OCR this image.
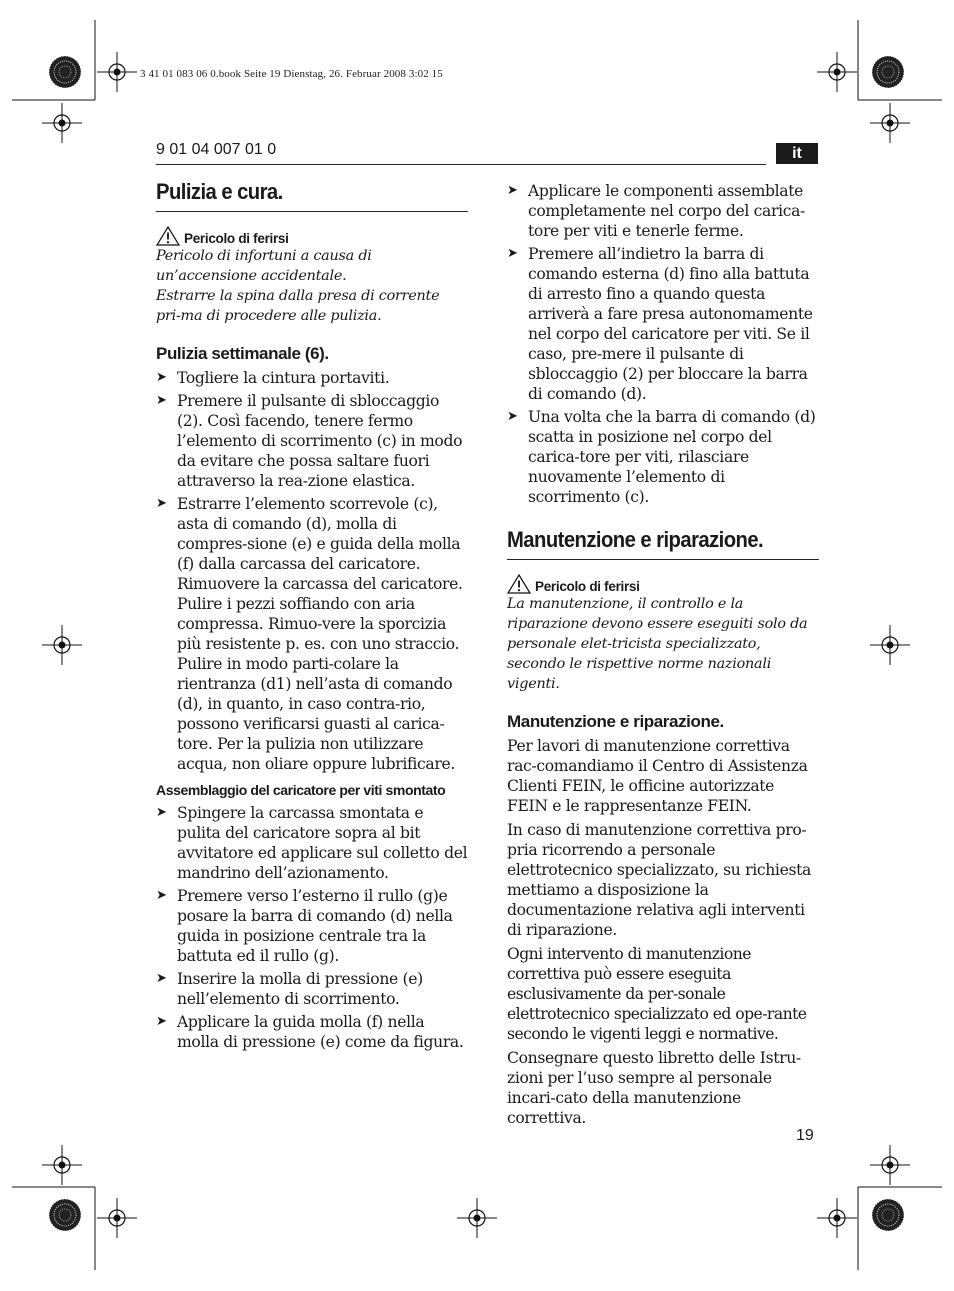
3 41 01 083 06 0.book Seite 19 Dienstag, 26. Februar 2008 3:02 15
9 01 04 007 01 0	it
Pulizia e cura.
Pericolo di ferirsi

Pericolo di infortuni a causa di un’accensione accidentale.

Estrarre la spina dalla presa di corrente pri-ma di procedere alle pulizia.

Pulizia settimanale (6).
➤ Togliere la cintura portaviti.
➤ Premere il pulsante di sbloccaggio (2). Così facendo, tenere fermo l’elemento di scorrimento (c) in modo da evitare che possa saltare fuori attraverso la rea-zione elastica.
➤ Estrarre l’elemento scorrevole (c), asta di comando (d), molla di compres-sione (e) e guida della molla (f) dalla carcassa del caricatore. Rimuovere la carcassa del caricatore. Pulire i pezzi soffiando con aria compressa. Rimuo-vere la sporcizia più resistente p. es. con uno straccio. Pulire in modo parti-colare la rientranza (d1) nell’asta di comando (d), in quanto, in caso contra-rio, possono verificarsi guasti al carica-tore. Per la pulizia non utilizzare acqua, non oliare oppure lubrificare.
Assemblaggio del caricatore per viti smontato
➤ Spingere la carcassa smontata e pulita del caricatore sopra al bit avvitatore ed applicare sul colletto del mandrino dell’azionamento.
➤ Premere verso l’esterno il rullo (g)e posare la barra di comando (d) nella guida in posizione centrale tra la battuta ed il rullo (g).
➤ Inserire la molla di pressione (e) nell’elemento di scorrimento.
➤ Applicare la guida molla (f) nella molla di pressione (e) come da figura.
➤ Applicare le componenti assemblate completamente nel corpo del carica-tore per viti e tenerle ferme.
➤ Premere all’indietro la barra di comando esterna (d) fino alla battuta di arresto fino a quando questa arriverà a fare presa autonomamente nel corpo del caricatore per viti. Se il caso, pre-mere il pulsante di sbloccaggio (2) per bloccare la barra di comando (d).
➤ Una volta che la barra di comando (d) scatta in posizione nel corpo del carica-tore per viti, rilasciare nuovamente l’elemento di scorrimento (c).
Manutenzione e riparazione.
Pericolo di ferirsi

La manutenzione, il controllo e la riparazione devono essere eseguiti solo da personale elet-tricista specializzato, secondo le rispettive norme nazionali vigenti.

Manutenzione e riparazione.

Per lavori di manutenzione correttiva rac-comandiamo il Centro di Assistenza Clienti FEIN, le officine autorizzate FEIN e le rappresentanze FEIN.

In caso di manutenzione correttiva pro-pria ricorrendo a personale elettrotecnico specializzato, su richiesta mettiamo a disposizione la documentazione relativa agli interventi di riparazione.

Ogni intervento di manutenzione correttiva può essere eseguita esclusivamente da per-sonale elettrotecnico specializzato ed ope-rante secondo le vigenti leggi e normative.

Consegnare questo libretto delle Istru-zioni per l’uso sempre al personale incari-cato della manutenzione correttiva.

19
